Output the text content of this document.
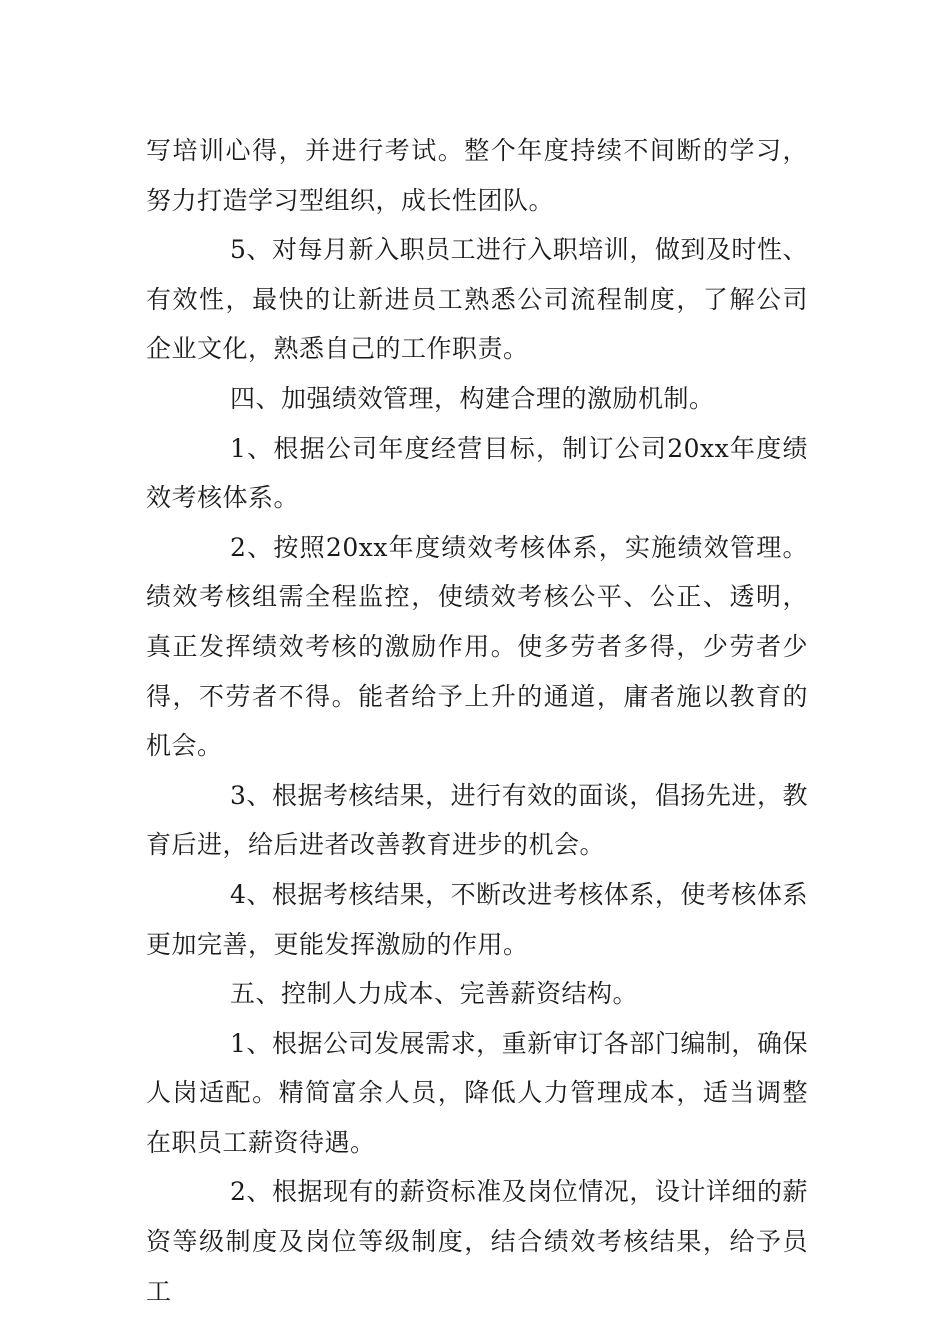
写培训心得，并进行考试。整个年度持续不间断的学习，努力打造学习型组织，成长性团队。

5、对每月新入职员工进行入职培训，做到及时性、有效性，最快的让新进员工熟悉公司流程制度，了解公司企业文化，熟悉自己的工作职责。

四、加强绩效管理，构建合理的激励机制。

1、根据公司年度经营目标，制订公司20xx年度绩效考核体系。

2、按照20xx年度绩效考核体系，实施绩效管理。绩效考核组需全程监控，使绩效考核公平、公正、透明，真正发挥绩效考核的激励作用。使多劳者多得，少劳者少得，不劳者不得。能者给予上升的通道，庸者施以教育的机会。

3、根据考核结果，进行有效的面谈，倡扬先进，教育后进，给后进者改善教育进步的机会。

4、根据考核结果，不断改进考核体系，使考核体系更加完善，更能发挥激励的作用。

五、控制人力成本、完善薪资结构。

1、根据公司发展需求，重新审订各部门编制，确保人岗适配。精简富余人员，降低人力管理成本，适当调整在职员工薪资待遇。

2、根据现有的薪资标准及岗位情况，设计详细的薪资等级制度及岗位等级制度，结合绩效考核结果，给予员工
